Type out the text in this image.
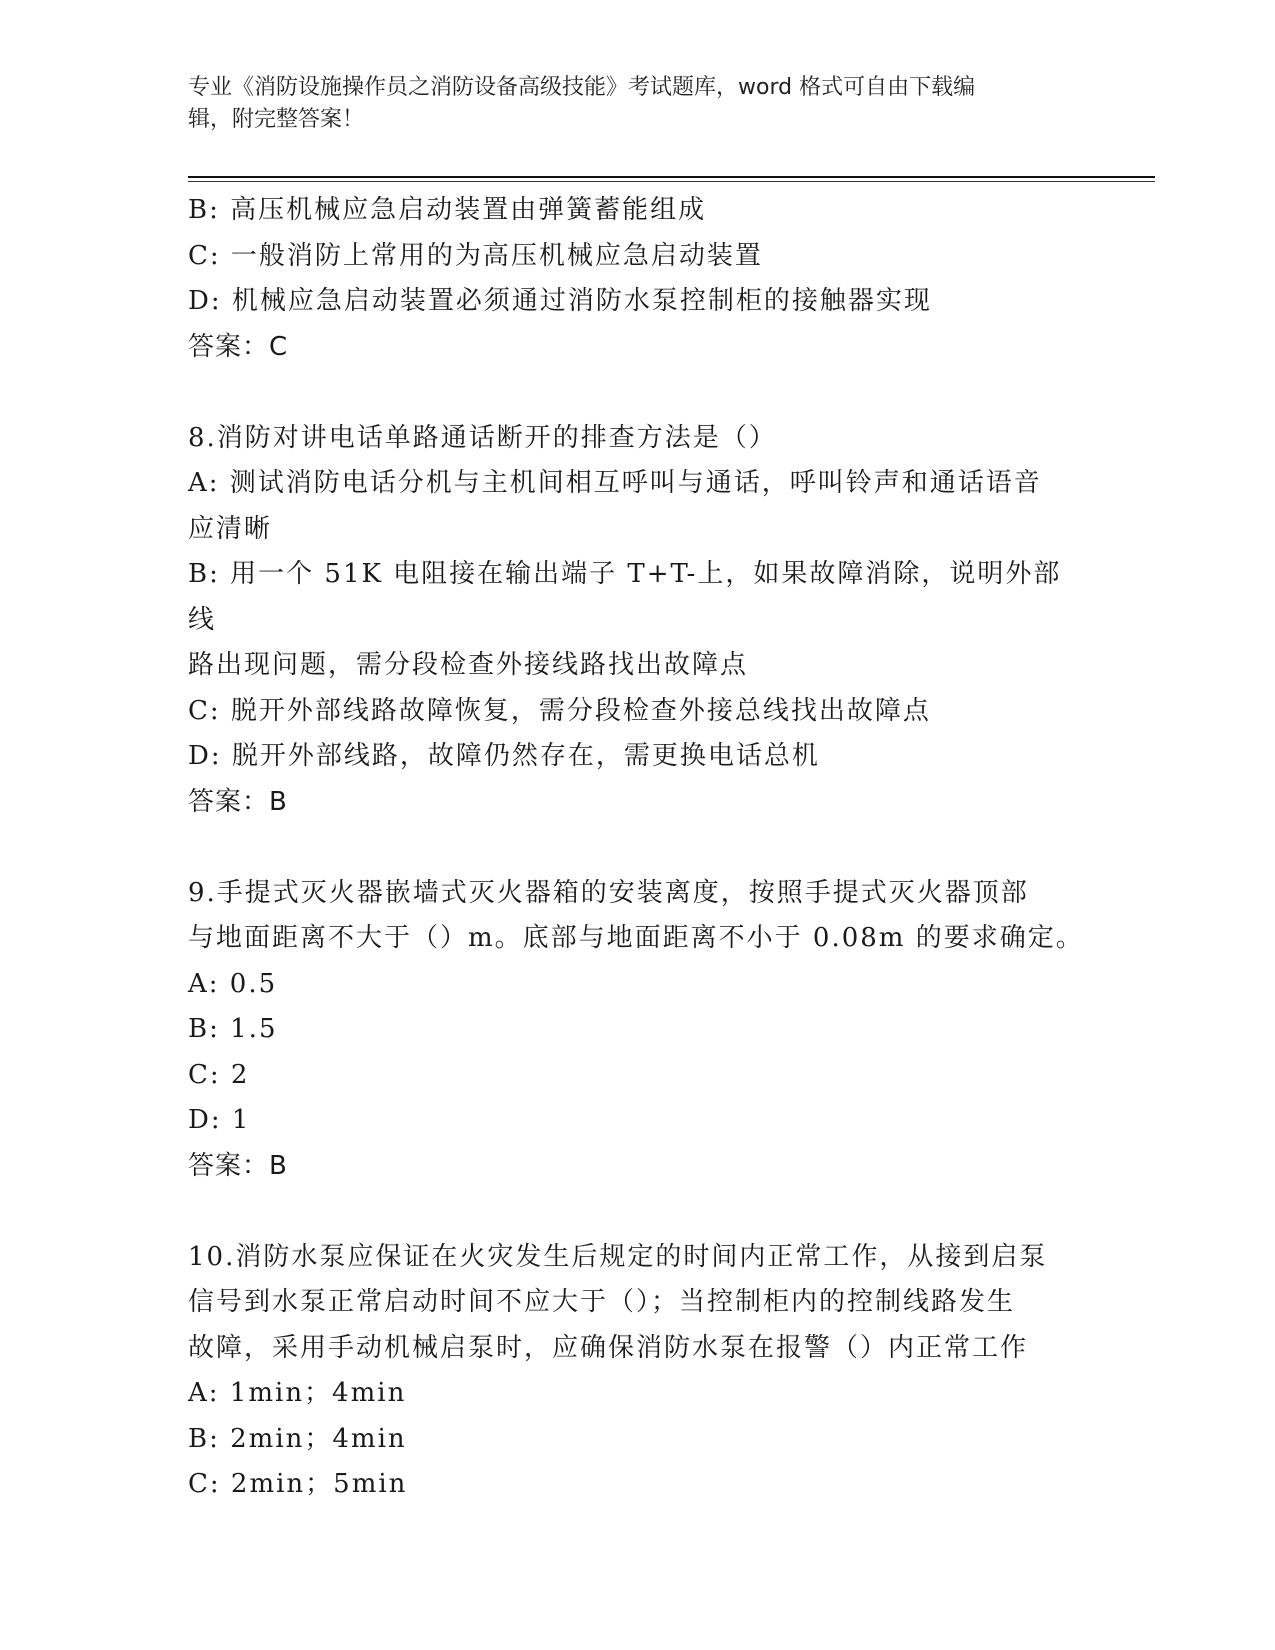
专业《消防设施操作员之消防设备高级技能》考试题库，word 格式可自由下载编
辑，附完整答案！
B: 高压机械应急启动装置由弹簧蓄能组成
C: 一般消防上常用的为高压机械应急启动装置
D: 机械应急启动装置必须通过消防水泵控制柜的接触器实现
答案：C
8.消防对讲电话单路通话断开的排查方法是（）
A: 测试消防电话分机与主机间相互呼叫与通话，呼叫铃声和通话语音
应清晰
B: 用一个 51K 电阻接在输出端子 T+T-上，如果故障消除，说明外部线
路出现问题，需分段检查外接线路找出故障点
C: 脱开外部线路故障恢复，需分段检查外接总线找出故障点
D: 脱开外部线路，故障仍然存在，需更换电话总机
答案：B
9.手提式灭火器嵌墙式灭火器箱的安装离度，按照手提式灭火器顶部
与地面距离不大于（）m。底部与地面距离不小于 0.08m 的要求确定。
A: 0.5
B: 1.5
C: 2
D: 1
答案：B
10.消防水泵应保证在火灾发生后规定的时间内正常工作，从接到启泵
信号到水泵正常启动时间不应大于（）；当控制柜内的控制线路发生
故障，采用手动机械启泵时，应确保消防水泵在报警（）内正常工作
A: 1min；4min
B: 2min；4min
C: 2min；5min
